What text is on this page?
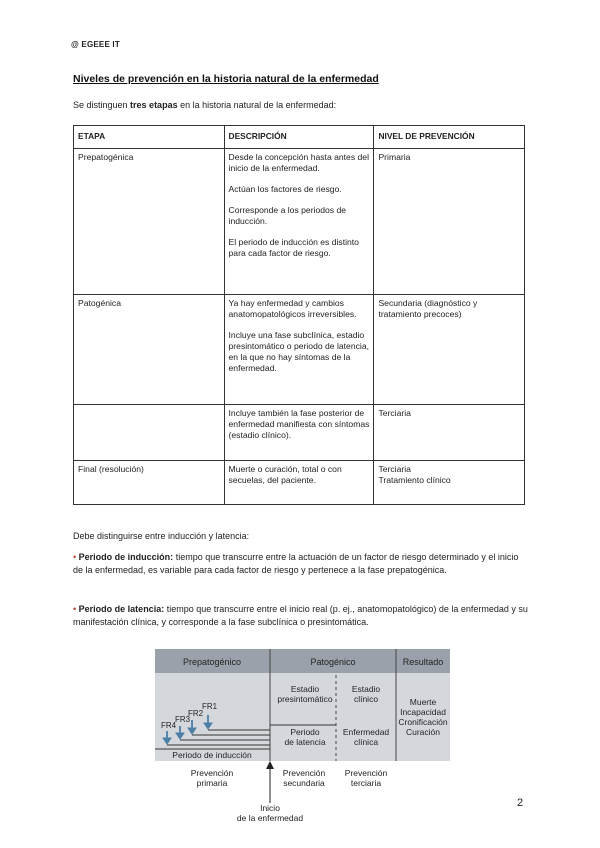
@ EGEEE IT
Niveles de prevención en la historia natural de la enfermedad
Se distinguen tres etapas en la historia natural de la enfermedad:
ETAPA	DESCRIPCIÓN	NIVEL DE PREVENCIÓN
Prepatogénica	Desde la concepción hasta antes del inicio de la enfermedad.

Actúan los factores de riesgo.

Corresponde a los periodos de inducción.

El periodo de inducción es distinto para cada factor de riesgo.	Primaria

Patogénica	Ya hay enfermedad y cambios anatomopatológicos irreversibles.

Incluye una fase subclínica, estadio presintomático o periodo de latencia, en la que no hay síntomas de la enfermedad.	Secundaria (diagnóstico y tratamiento precoces)

	Incluye también la fase posterior de enfermedad manifiesta con síntomas (estadio clínico).	Terciaria

Final (resolución)	Muerte o curación, total o con secuelas, del paciente.	Terciaria
Tratamiento clínico
Debe distinguirse entre inducción y latencia:
• Periodo de inducción: tiempo que transcurre entre la actuación de un factor de riesgo determinado y el inicio de la enfermedad, es variable para cada factor de riesgo y pertenece a la fase prepatogénica.
• Periodo de latencia: tiempo que transcurre entre el inicio real (p. ej., anatomopatológico) de la enfermedad y su manifestación clínica, y corresponde a la fase subclínica o presintomática.
Prepatogénico	Patogénico	Resultado
FR1
FR2
FR3
FR4
Periodo de inducción
Estadio presintomático
Estadio clínico
Periodo de latencia
Enfermedad clínica
Muerte Incapacidad Cronificación Curación
Prevención primaria
Prevención secundaria
Prevención terciaria
Inicio de la enfermedad
2
